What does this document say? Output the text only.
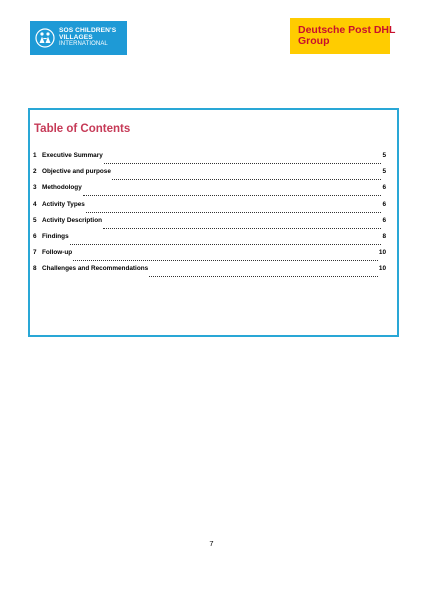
SOS CHILDREN'S
VILLAGES
INTERNATIONAL
Deutsche Post DHL
Group
Table of Contents
1 Executive Summary	5
2 Objective and purpose	5
3 Methodology	6
4 Activity Types	6
5 Activity Description	6
6 Findings	8
7 Follow-up	10
8 Challenges and Recommendations	10
7
